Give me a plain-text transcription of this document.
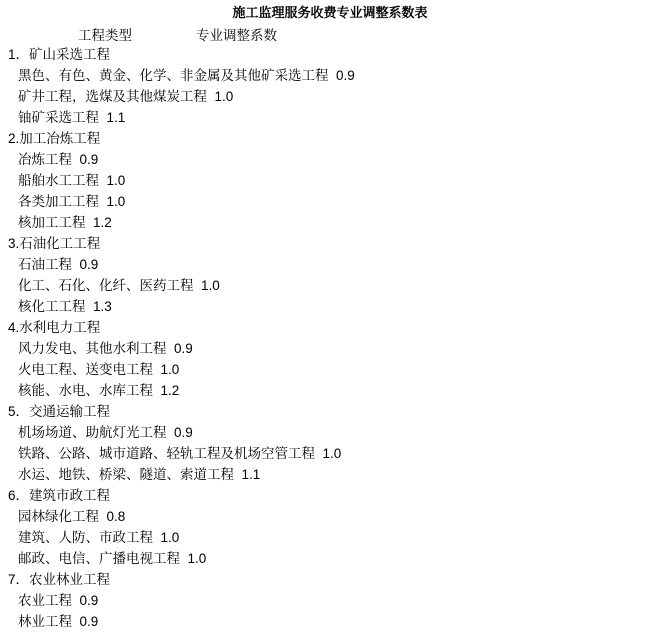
施工监理服务收费专业调整系数表
工程类型	专业调整系数
1．矿山采选工程
黑色、有色、黄金、化学、非金属及其他矿采选工程  0.9
矿井工程，选煤及其他煤炭工程  1.0
铀矿采选工程  1.1
2.加工冶炼工程
冶炼工程  0.9
船舶水工工程  1.0
各类加工工程  1.0
核加工工程  1.2
3.石油化工工程
石油工程  0.9
化工、石化、化纤、医药工程  1.0
核化工工程  1.3
4.水利电力工程
风力发电、其他水利工程  0.9
火电工程、送变电工程  1.0
核能、水电、水库工程  1.2
5．交通运输工程
机场场道、助航灯光工程  0.9
铁路、公路、城市道路、轻轨工程及机场空管工程  1.0
水运、地铁、桥梁、隧道、索道工程  1.1
6．建筑市政工程
园林绿化工程  0.8
建筑、人防、市政工程  1.0
邮政、电信、广播电视工程  1.0
7．农业林业工程
农业工程  0.9
林业工程  0.9
